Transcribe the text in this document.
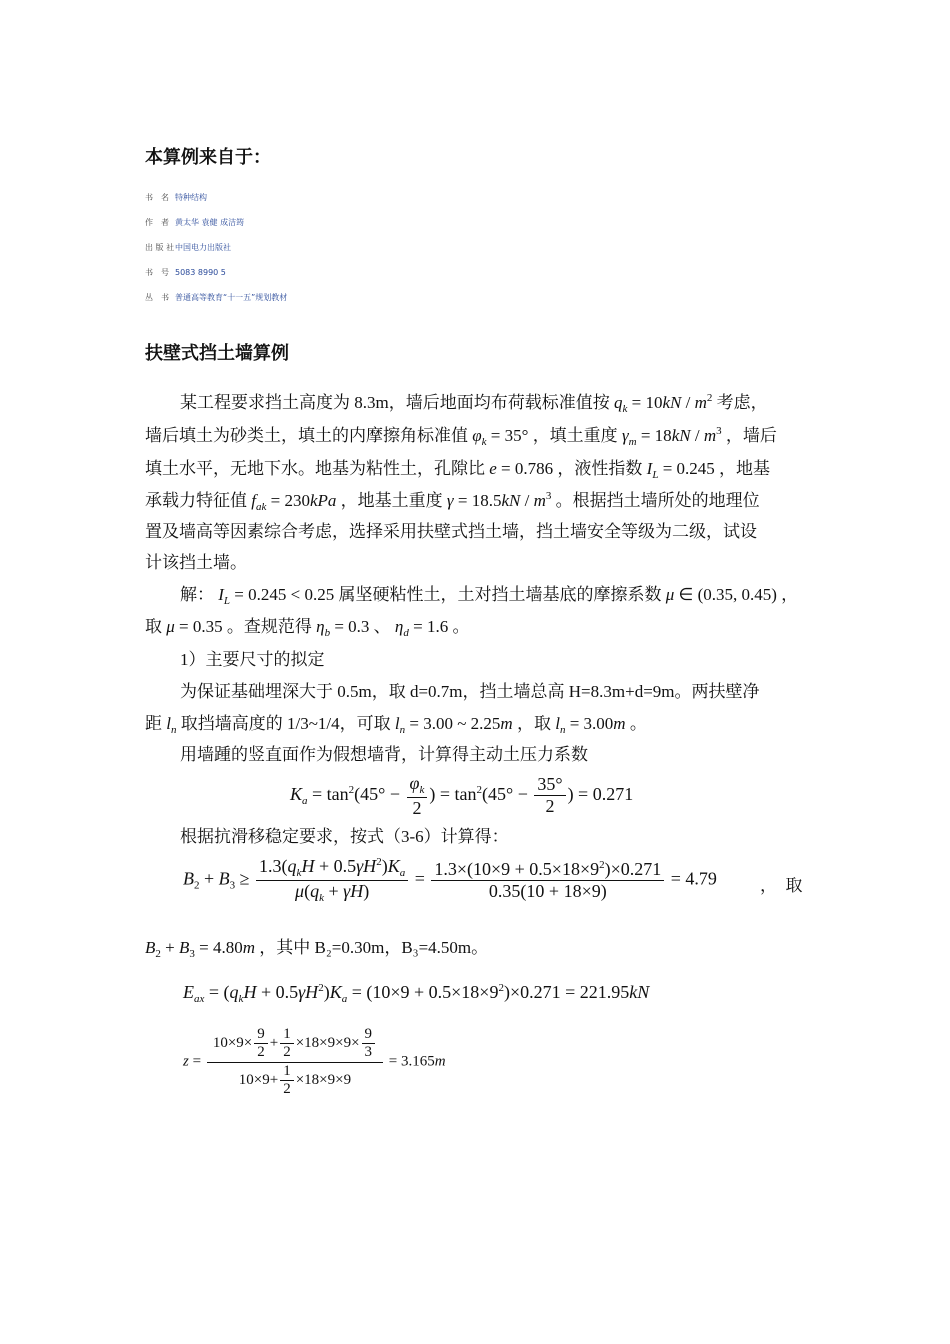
本算例来自于：
书　名 特种结构
作　者 黄太华 袁健 成洁筠
出 版 社中国电力出版社
书　号 5083 8990 5
丛　书 普通高等教育“十一五”规划教材
扶壁式挡土墙算例
某工程要求挡土高度为 8.3m，墙后地面均布荷载标准值按 $q_k = 10kN / m^2$ 考虑，
墙后填土为砂类土，填土的内摩擦角标准值 $\varphi_k = 35^\circ$ ，填土重度 $\gamma_m = 18kN / m^3$ ，墙后
填土水平，无地下水。地基为粘性土，孔隙比 e = 0.786 ，液性指数 $I_L = 0.245$ ，地基
承载力特征值 $f_{ak} = 230kPa$ ，地基土重度 $\gamma = 18.5kN / m^3$ 。根据挡土墙所处的地理位
置及墙高等因素综合考虑，选择采用扶壁式挡土墙，挡土墙安全等级为二级，试设
计该挡土墙。
解： $I_L = 0.245 < 0.25$ 属坚硬粘性土，土对挡土墙基底的摩擦系数 μ ∈ (0.35, 0.45) ，
取 μ = 0.35 。查规范得 $\eta_b = 0.3$ 、 $\eta_d = 1.6$ 。
1）主要尺寸的拟定
为保证基础埋深大于 0.5m，取 d=0.7m，挡土墙总高 H=8.3m+d=9m。两扶壁净
距 $l_n$ 取挡墙高度的 1/3~1/4，可取 $l_n = 3.00$ ~ 2.25m ，取 $l_n = 3.00m$ 。
用墙踵的竖直面作为假想墙背，计算得主动土压力系数
$K_a = \tan^2(45^\circ - \frac{\varphi_k}{2}$ ) = $\tan^2(45^\circ - \frac{35^\circ}{2}$ ) = 0.271
根据抗滑移稳定要求，按式（3-6）计算得：
$B_2 + B_3 \ge \frac{1.3(q_kH + 0.5\gamma H^2)K_a}{\mu(q_k + \gamma H)} = \frac{1.3\times(10\times 9 + 0.5\times 18\times 9^2)\times 0.271}{0.35(10 + 18\times 9)} = 4.79$	，　取
$B_2 + B_3 = 4.80m$ ，其中 B₂=0.30m，B₃=4.50m。
$E_{ax} = (q_kH + 0.5\gamma H^2)K_a = (10\times 9 + 0.5\times 18\times 9^2)\times 0.271 = 221.95kN$
$z = \frac{10\times 9\times \frac{9}{2} + \frac{1}{2} \times 18\times 9\times 9\times \frac{9}{3}}{10\times 9+ \frac{1}{2} \times 18\times 9\times 9} = 3.165m$
